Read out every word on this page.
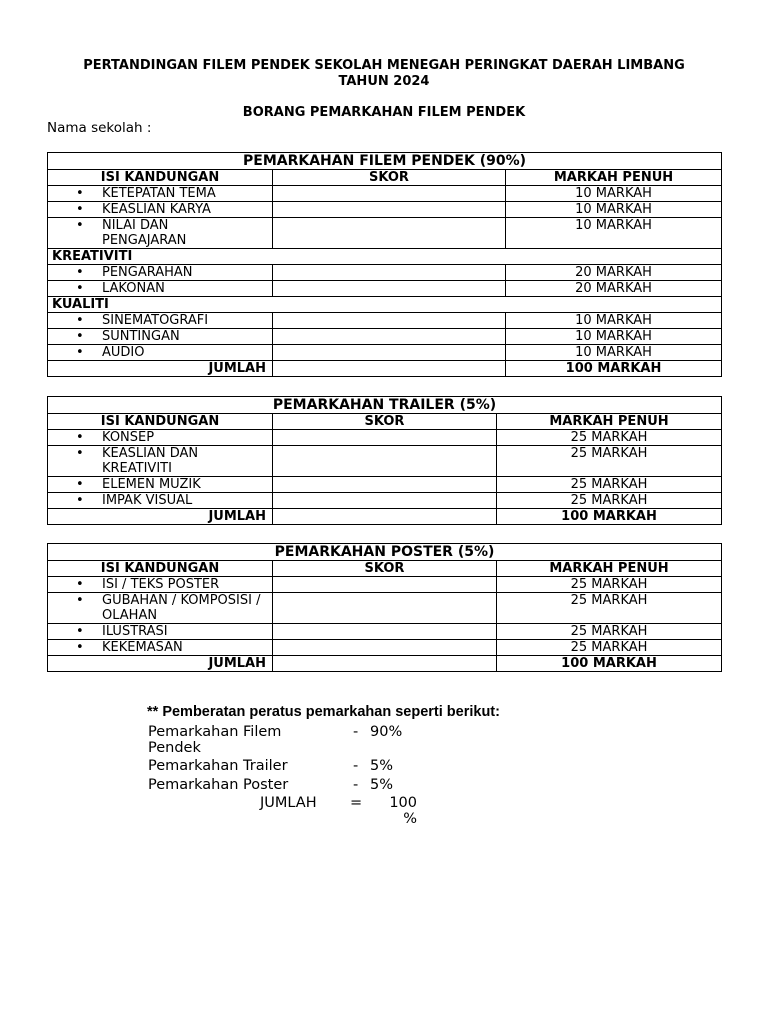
PERTANDINGAN FILEM PENDEK SEKOLAH MENEGAH PERINGKAT DAERAH LIMBANG
TAHUN 2024
BORANG PEMARKAHAN FILEM PENDEK
Nama sekolah :
PEMARKAHAN FILEM PENDEK (90%)		
ISI KANDUNGAN	SKOR	MARKAH PENUH

• KETEPATAN TEMA		10 MARKAH

• KEASLIAN KARYA		10 MARKAH

• NILAI DAN PENGAJARAN		10 MARKAH
KREATIVITI		

• PENGARAHAN		20 MARKAH

• LAKONAN		20 MARKAH
KUALITI		

• SINEMATOGRAFI		10 MARKAH

• SUNTINGAN		10 MARKAH

• AUDIO		10 MARKAH
JUMLAH		100 MARKAH
PEMARKAHAN TRAILER (5%)		
ISI KANDUNGAN	SKOR	MARKAH PENUH

• KONSEP		25 MARKAH

• KEASLIAN DAN KREATIVITI		25 MARKAH

• ELEMEN MUZIK		25 MARKAH

• IMPAK VISUAL		25 MARKAH
JUMLAH		100 MARKAH
PEMARKAHAN POSTER (5%)		
ISI KANDUNGAN	SKOR	MARKAH PENUH

• ISI / TEKS POSTER		25 MARKAH

• GUBAHAN / KOMPOSISI / OLAHAN		25 MARKAH

• ILUSTRASI		25 MARKAH

• KEKEMASAN		25 MARKAH
JUMLAH		100 MARKAH
** Pemberatan peratus pemarkahan seperti berikut:
Pemarkahan Filem Pendek
- 90%
Pemarkahan Trailer	- 5%
Pemarkahan Poster	- 5%
JUMLAH =	100 %
